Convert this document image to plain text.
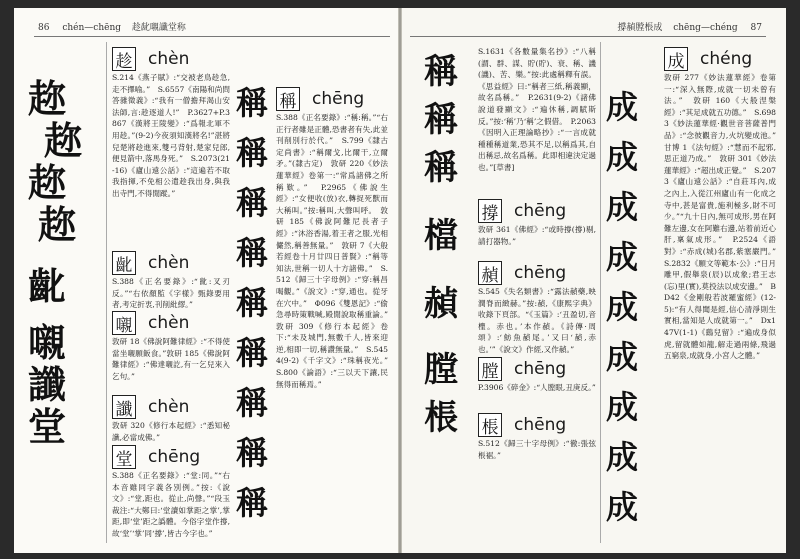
86 chén—chēng 趁龀嚫讖堂称
趂
趂
趂
趂
齔
嚫
讖
堂
趁 chèn
S.214《燕子賦》:“交被老鳥趁急,走不擇喻。”　S.6557《南陽和尚問答雜徵義》:“我有一僧擔拜渴山安法師,言:趁逐道人!”　P.3627+P.3867《漢將王陵變》:“爲報北軍不用趁。”(9-2)今夜須知漢將名!”湛將兒楚將趁進來,雙弓背射,楚家兒郎,便見箭中,落馬身死。”　S.2073(21-16)《廬山遠公話》:“這遍若不取我指揮,不免相公遣趁我出身,與我出寺門,不得閒蹤。”
齔 chèn
S.388《正名要錄》:“齔:叉刃反。”“右依顏監《字樣》甄錄要用者,考定折衷,刊削紕繆。”
嚫 chèn
敦研 18《佛說阿難律經》:“不得使當坐嚫願飯食。”敦研 185《佛說阿難律經》:“佛達嚫訖,有一乞兒來入乞句。”
讖 chèn
敦研 320《修行本起經》:“悉知秘讖,必當成佛。”
堂 chēng
S.388《正名要錄》:“堂:同。”“右本音雖同字義各別例。”按:《說文》:“堂,距也。從止,尚聲。”“段玉裁注:“大鄭曰:‘堂讀如掌距之掌’,掌距,即‘堂’距之譌體。今俗字堂作撐,故‘堂’‘掌’同‘撐’,皆古今字也。”
稱
稱
稱
稱
稱
稱
稱
稱
稱
稱 chēng
S.388《正名要錄》:“稱:稱。”“右正行者雖是正體,恐書者有失,此並刊削別行於代。”　S.799《隸古定尚書》:“稱爾戈,比爾干,立爾矛。”(隸古定)　敦研 220《妙法蓮華經》卷第一:“常爲諸佛之所稱歎。”　P.2965《佛說生經》:“女便收(放)衣,轉捉死獸而大稱叫。”按:稱叫,大聲叫呼。　敦研 185《佛說阿難尼長者子經》:“沐浴香湯,着王者之服,光相儼然,稱善無量。”　敦研 7《大般若經卷十月廿四日普賢》:“稱等知法,世稱一切人十方諸佛。”　S.512《歸三十字母例》:“穿:稱昌喝觀。”《說文》:“穿,通也。從牙在穴中。”　Φ096《雙恩記》:“偷急尋時策戰喊,殿閒說取稱重論。”　敦研 309《修行本起經》卷下:“未及城門,無數千人,皆來迎逆,相即一切,稱讚無量。”　S.5454(9-2)《千字文》:“珠稱夜光。”　S.800《論語》:“三以天下讓,民無得而稱焉。”
撐赬膛棖成 chēng—chéng 87
稱
稱
稱
檔
赬
膛
棖
S.1631《各數量集名抄》:“八稱(謂、群、謀、貯(貯)、衰、稱、譏(譏)、苦、樂。”按:此處稱釋有誤。《思益經》曰:“稱者三紙,稱義顯，故名爲稱。”　P.2631(9-2)《諸佛說道發顯文》:“遍休稱,調賦斯反。”按:‘稱’乃‘稱’之假借。　P.2063《因明入正理論略抄》:“一言成就種種稱道業,恐其不足,以稱爲其,自出稱忌,故名爲稱。此即相違決定過也。”[草書]
撐 chēng
敦研 361《佛經》:“或時撐(撐)剔,請打器物。”
赬 chēng
S.545《失名類書》:“露法赬藥,映潤脊而緻赫。”按:赬,《康熙字典》收錄下頁部。“《玉篇》:‘丑盈切,音檉。赤也。’本作赬。《詩傳·周頌》:‘魴魚赬尾。’又曰‘赬,赤也。’”《說文》作經,又作赬。”
膛 chēng
P.3906《碎金》:“人膛眼,丑庚反。”
棖 chēng
S.512《歸三十字母例》:“徹:張弦棖裾。”
成
成
成
成
成
成
成
成
成
成 chéng
敦研 277《妙法蓮華經》卷第一:“深入無際,成就一切未曾有法。”　敦研 160《大般涅槃經》:“其足成就五功德。”　S.6983《妙法蓮華經·觀世音菩薩普門品》:“念彼觀音力,火坑變成池。”　甘博 1《法句經》:“慧而不起邪,思正道乃成。”　敦研 301《妙法蓮華經》:“超出成正覺。”　S.2073《廬山遠公話》:“自莊耳內,成之內上,入從江州廬山有一化成之寺中,甚是富貴,施利極多,財不可少。”“九十日內,無可成形,男在阿難左邊,女在阿難右邊,站着前近心肝,稟氣成形。”　P.2524《語對》:“赤成(城)名郡,紫塞嚴門。”　S.2832《願文等範本·公》:“日月雕甲,假舉泉(辰)以成象;君王志(忘)里(實),莫投法以成安邊。”　BD42《金剛般若波羅蜜經》(12-5):“有人得聞是經,信心清淨則生實相,當知是人成就第一。”　Dx147V(1-1)《鷂兒留》:“遍成身似虎,留就體如龍,解走過兩條,飛過五窮泉,成就身,小宮人之體。”
